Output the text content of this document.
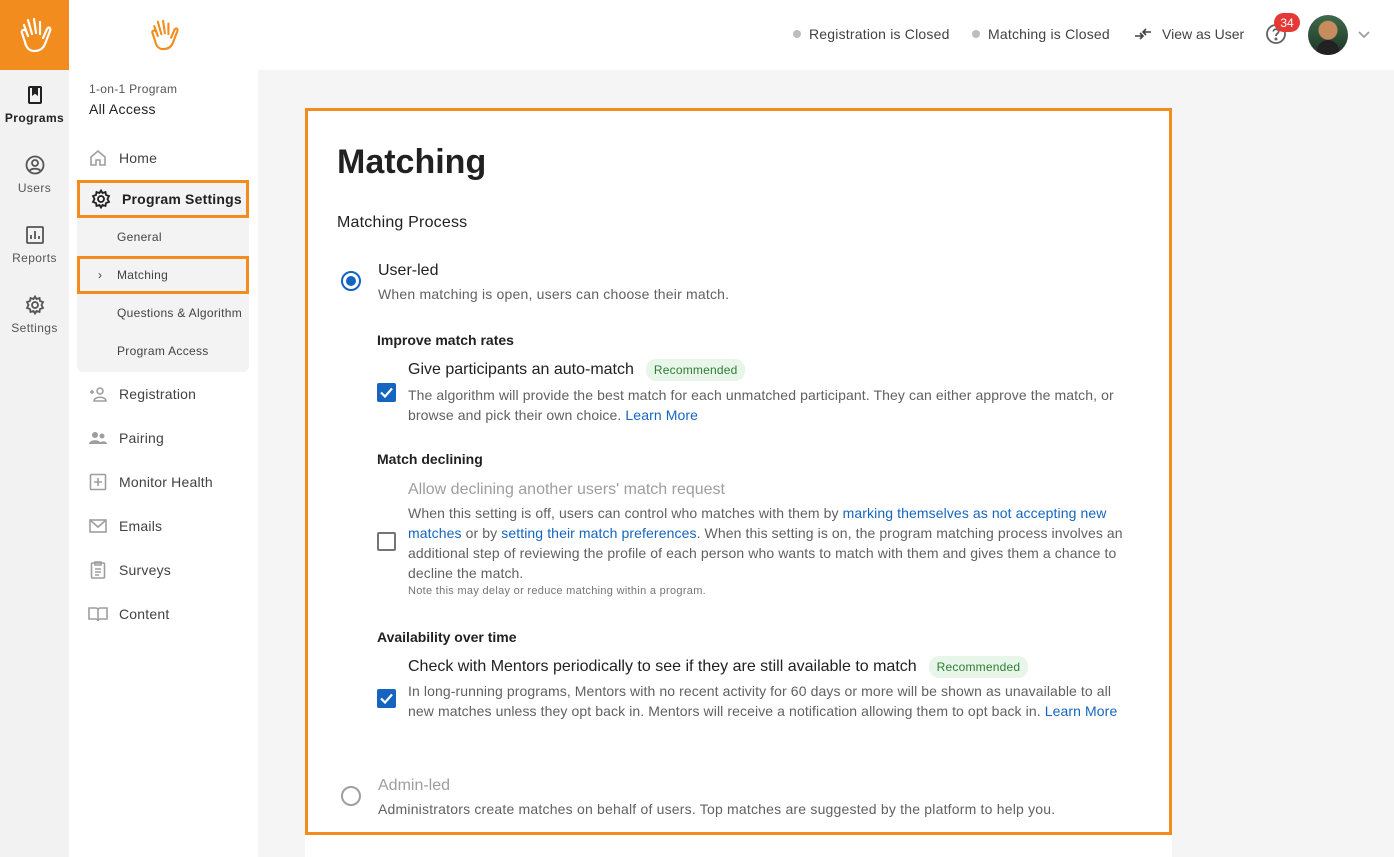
Programs
Users
Reports
Settings
1-on-1 Program
All Access
Home
Program Settings
General
› Matching
Questions & Algorithm
Program Access
Registration
Pairing
Monitor Health
Emails
Surveys
Content
Registration is Closed	Matching is Closed	View as User
34
Matching
Matching Process
User-led
When matching is open, users can choose their match.
Improve match rates
Give participants an auto-match	Recommended
The algorithm will provide the best match for each unmatched participant. They can either approve the match, or browse and pick their own choice. Learn More
Match declining
Allow declining another users' match request
When this setting is off, users can control who matches with them by marking themselves as not accepting new matches or by setting their match preferences. When this setting is on, the program matching process involves an additional step of reviewing the profile of each person who wants to match with them and gives them a chance to decline the match.
Note this may delay or reduce matching within a program.
Availability over time
Check with Mentors periodically to see if they are still available to match	Recommended
In long-running programs, Mentors with no recent activity for 60 days or more will be shown as unavailable to all new matches unless they opt back in. Mentors will receive a notification allowing them to opt back in. Learn More
Admin-led
Administrators create matches on behalf of users. Top matches are suggested by the platform to help you.
